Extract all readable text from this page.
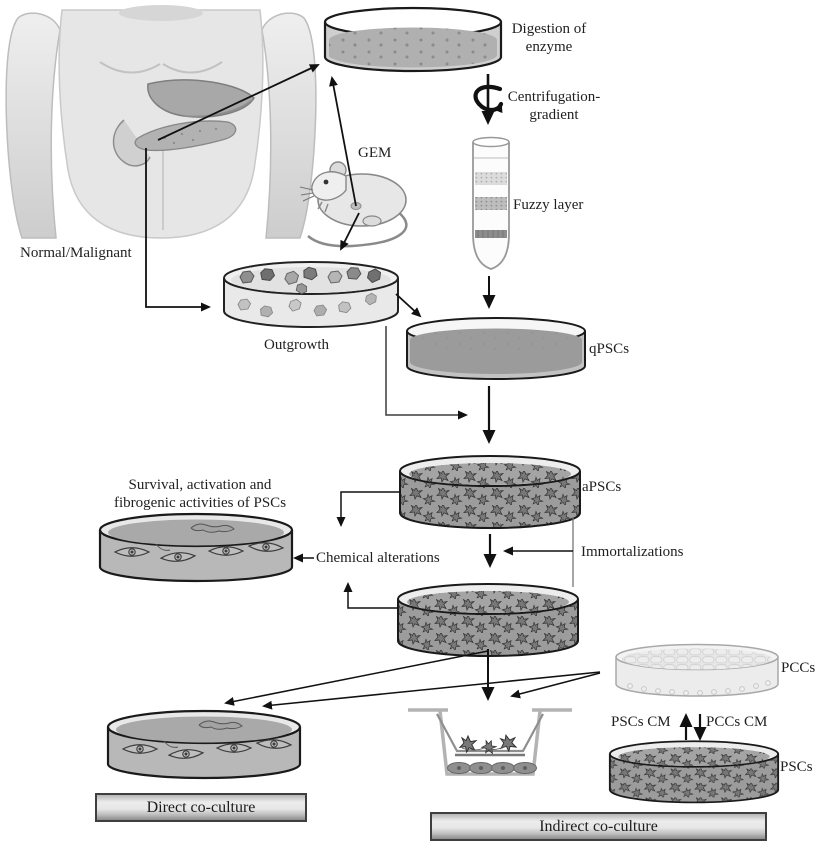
Digestion of enzyme
Centrifugation-gradient
GEM
Fuzzy layer
Normal/Malignant
Outgrowth	qPSCs
aPSCs
Survival, activation and fibrogenic activities of PSCs
Chemical alterations	Immortalizations
PCCs
PSCs CM PCCs CM
PSCs
Direct co-culture
Indirect co-culture
